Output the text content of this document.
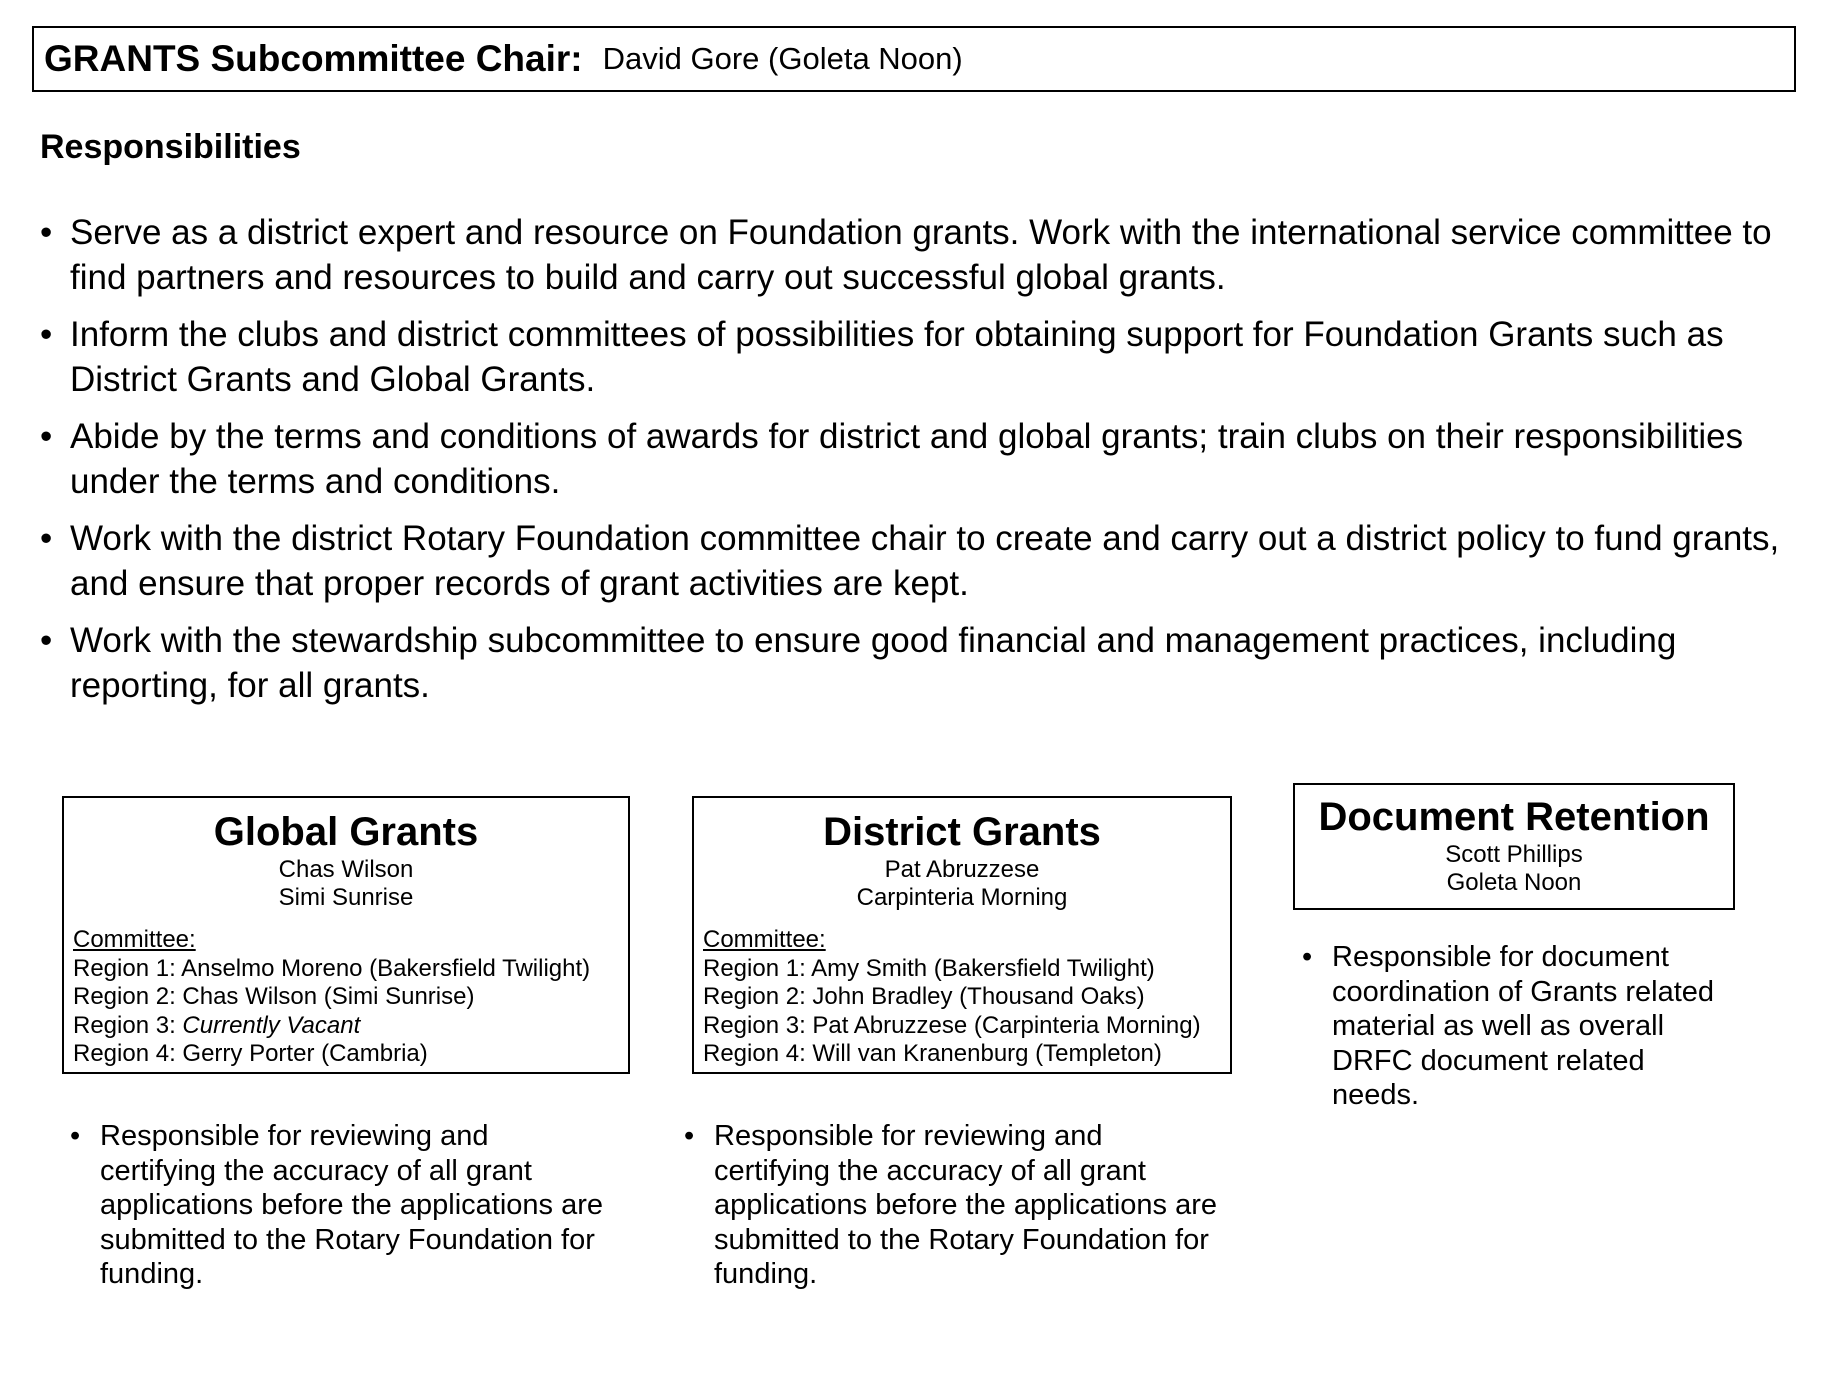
GRANTS Subcommittee Chair: David Gore (Goleta Noon)
Responsibilities
• Serve as a district expert and resource on Foundation grants. Work with the international service committee to find partners and resources to build and carry out successful global grants.
• Inform the clubs and district committees of possibilities for obtaining support for Foundation Grants such as District Grants and Global Grants.
• Abide by the terms and conditions of awards for district and global grants; train clubs on their responsibilities under the terms and conditions.
• Work with the district Rotary Foundation committee chair to create and carry out a district policy to fund grants, and ensure that proper records of grant activities are kept.
• Work with the stewardship subcommittee to ensure good financial and management practices, including reporting, for all grants.
Global Grants
Chas Wilson
Simi Sunrise
Committee:
Region 1: Anselmo Moreno (Bakersfield Twilight)
Region 2: Chas Wilson (Simi Sunrise)
Region 3: Currently Vacant
Region 4: Gerry Porter (Cambria)
District Grants
Pat Abruzzese
Carpinteria Morning
Committee:
Region 1: Amy Smith (Bakersfield Twilight)
Region 2: John Bradley (Thousand Oaks)
Region 3: Pat Abruzzese (Carpinteria Morning)
Region 4: Will van Kranenburg (Templeton)
Document Retention
Scott Phillips
Goleta Noon
• Responsible for reviewing and certifying the accuracy of all grant applications before the applications are submitted to the Rotary Foundation for funding.
• Responsible for reviewing and certifying the accuracy of all grant applications before the applications are submitted to the Rotary Foundation for funding.
• Responsible for document coordination of Grants related material as well as overall DRFC document related needs.
